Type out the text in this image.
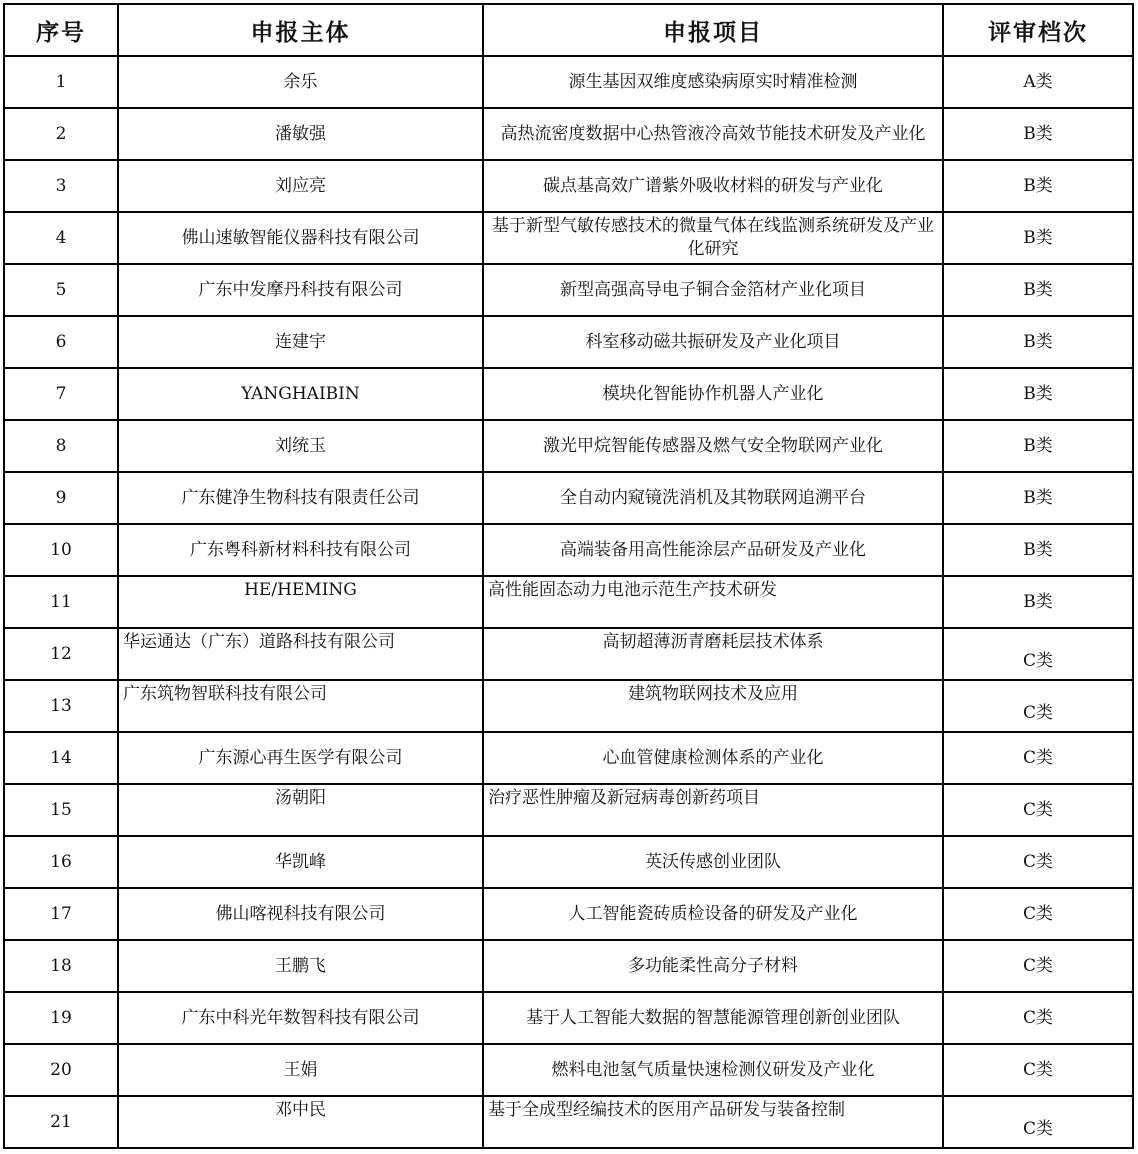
序号	申报主体	申报项目	评审档次
1	余乐	源生基因双维度感染病原实时精准检测	A类
2	潘敏强	高热流密度数据中心热管液冷高效节能技术研发及产业化	B类
3	刘应亮	碳点基高效广谱紫外吸收材料的研发与产业化	B类
4	佛山速敏智能仪器科技有限公司	基于新型气敏传感技术的微量气体在线监测系统研发及产业化研究	B类
5	广东中发摩丹科技有限公司	新型高强高导电子铜合金箔材产业化项目	B类
6	连建宇	科室移动磁共振研发及产业化项目	B类
7	YANGHAIBIN	模块化智能协作机器人产业化	B类
8	刘统玉	激光甲烷智能传感器及燃气安全物联网产业化	B类
9	广东健净生物科技有限责任公司	全自动内窥镜洗消机及其物联网追溯平台	B类
10	广东粤科新材料科技有限公司	高端装备用高性能涂层产品研发及产业化	B类
11	HE/HEMING	高性能固态动力电池示范生产技术研发	B类
12	华运通达（广东）道路科技有限公司	高韧超薄沥青磨耗层技术体系	C类
13	广东筑物智联科技有限公司	建筑物联网技术及应用	C类
14	广东源心再生医学有限公司	心血管健康检测体系的产业化	C类
15	汤朝阳	治疗恶性肿瘤及新冠病毒创新药项目	C类
16	华凯峰	英沃传感创业团队	C类
17	佛山喀视科技有限公司	人工智能瓷砖质检设备的研发及产业化	C类
18	王鹏飞	多功能柔性高分子材料	C类
19	广东中科光年数智科技有限公司	基于人工智能大数据的智慧能源管理创新创业团队	C类
20	王娟	燃料电池氢气质量快速检测仪研发及产业化	C类
21	邓中民	基于全成型经编技术的医用产品研发与装备控制	C类
